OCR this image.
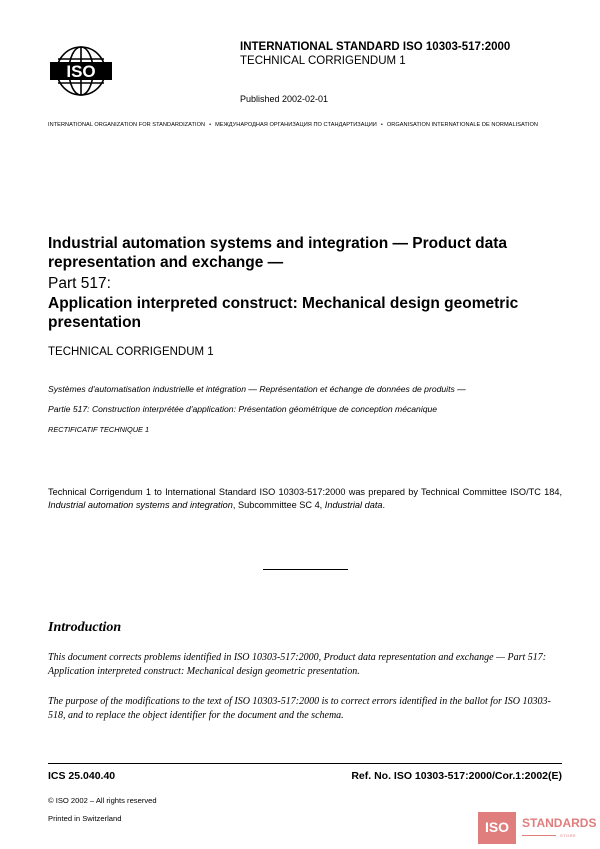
ISO
INTERNATIONAL STANDARD ISO 10303-517:2000
TECHNICAL CORRIGENDUM 1
Published 2002-02-01
INTERNATIONAL ORGANIZATION FOR STANDARDIZATION • МЕЖДУНАРОДНАЯ ОРГАНИЗАЦИЯ ПО СТАНДАРТИЗАЦИИ • ORGANISATION INTERNATIONALE DE NORMALISATION
Industrial automation systems and integration — Product data representation and exchange —
Part 517:
Application interpreted construct: Mechanical design geometric presentation
TECHNICAL CORRIGENDUM 1
Systèmes d'automatisation industrielle et intégration — Représentation et échange de données de produits —
Partie 517: Construction interprétée d'application: Présentation géométrique de conception mécanique
RECTIFICATIF TECHNIQUE 1
Technical Corrigendum 1 to International Standard ISO 10303-517:2000 was prepared by Technical Committee ISO/TC 184, Industrial automation systems and integration, Subcommittee SC 4, Industrial data.
Introduction
This document corrects problems identified in ISO 10303-517:2000, Product data representation and exchange — Part 517: Application interpreted construct: Mechanical design geometric presentation.
The purpose of the modifications to the text of ISO 10303-517:2000 is to correct errors identified in the ballot for ISO 10303-518, and to replace the object identifier for the document and the schema.
ICS 25.040.40	Ref. No. ISO 10303-517:2000/Cor.1:2002(E)
© ISO 2002 – All rights reserved
Printed in Switzerland
ISO	STANDARDS
STORE
